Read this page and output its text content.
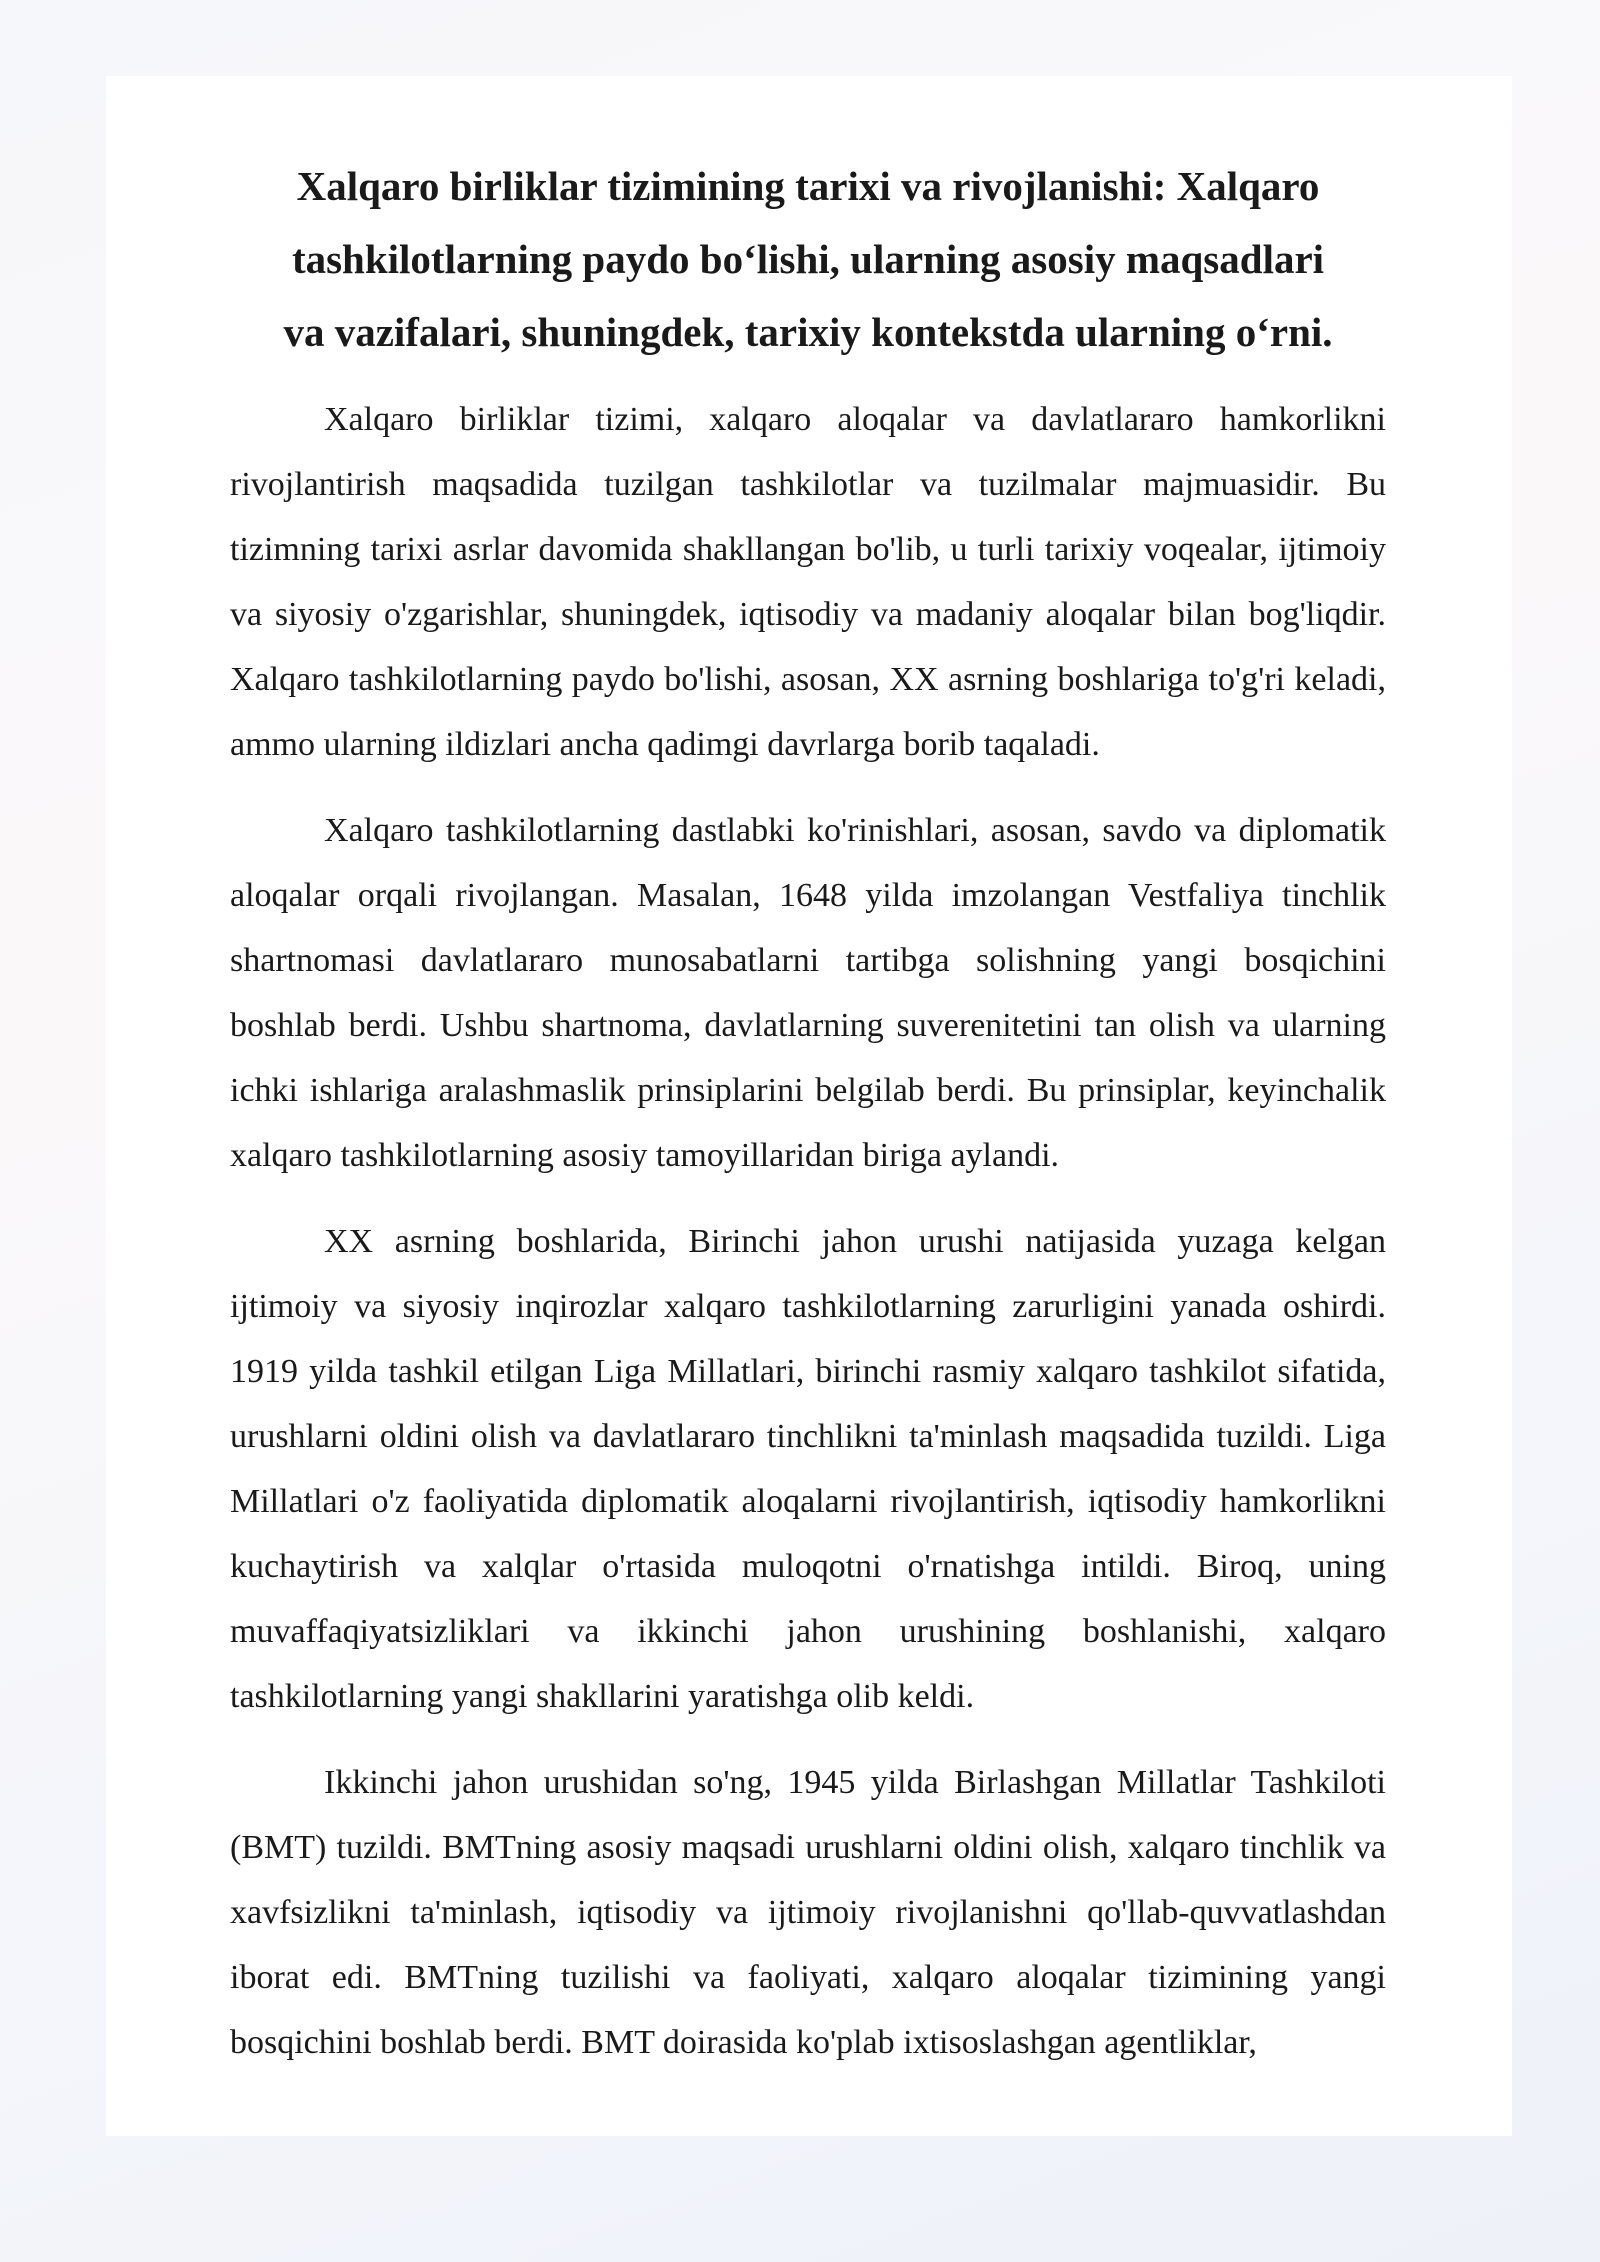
Xalqaro birliklar tizimining tarixi va rivojlanishi: Xalqaro tashkilotlarning paydo bo‘lishi, ularning asosiy maqsadlari va vazifalari, shuningdek, tarixiy kontekstda ularning o‘rni.

Xalqaro birliklar tizimi, xalqaro aloqalar va davlatlararo hamkorlikni rivojlantirish maqsadida tuzilgan tashkilotlar va tuzilmalar majmuasidir. Bu tizimning tarixi asrlar davomida shakllangan bo'lib, u turli tarixiy voqealar, ijtimoiy va siyosiy o'zgarishlar, shuningdek, iqtisodiy va madaniy aloqalar bilan bog'liqdir. Xalqaro tashkilotlarning paydo bo'lishi, asosan, XX asrning boshlariga to'g'ri keladi, ammo ularning ildizlari ancha qadimgi davrlarga borib taqaladi.

Xalqaro tashkilotlarning dastlabki ko'rinishlari, asosan, savdo va diplomatik aloqalar orqali rivojlangan. Masalan, 1648 yilda imzolangan Vestfaliya tinchlik shartnomasi davlatlararo munosabatlarni tartibga solishning yangi bosqichini boshlab berdi. Ushbu shartnoma, davlatlarning suverenitetini tan olish va ularning ichki ishlariga aralashmaslik prinsiplarini belgilab berdi. Bu prinsiplar, keyinchalik xalqaro tashkilotlarning asosiy tamoyillaridan biriga aylandi.

XX asrning boshlarida, Birinchi jahon urushi natijasida yuzaga kelgan ijtimoiy va siyosiy inqirozlar xalqaro tashkilotlarning zarurligini yanada oshirdi. 1919 yilda tashkil etilgan Liga Millatlari, birinchi rasmiy xalqaro tashkilot sifatida, urushlarni oldini olish va davlatlararo tinchlikni ta'minlash maqsadida tuzildi. Liga Millatlari o'z faoliyatida diplomatik aloqalarni rivojlantirish, iqtisodiy hamkorlikni kuchaytirish va xalqlar o'rtasida muloqotni o'rnatishga intildi. Biroq, uning muvaffaqiyatsizliklari va ikkinchi jahon urushining boshlanishi, xalqaro tashkilotlarning yangi shakllarini yaratishga olib keldi.

Ikkinchi jahon urushidan so'ng, 1945 yilda Birlashgan Millatlar Tashkiloti (BMT) tuzildi. BMTning asosiy maqsadi urushlarni oldini olish, xalqaro tinchlik va xavfsizlikni ta'minlash, iqtisodiy va ijtimoiy rivojlanishni qo'llab-quvvatlashdan iborat edi. BMTning tuzilishi va faoliyati, xalqaro aloqalar tizimining yangi bosqichini boshlab berdi. BMT doirasida ko'plab ixtisoslashgan agentliklar,
